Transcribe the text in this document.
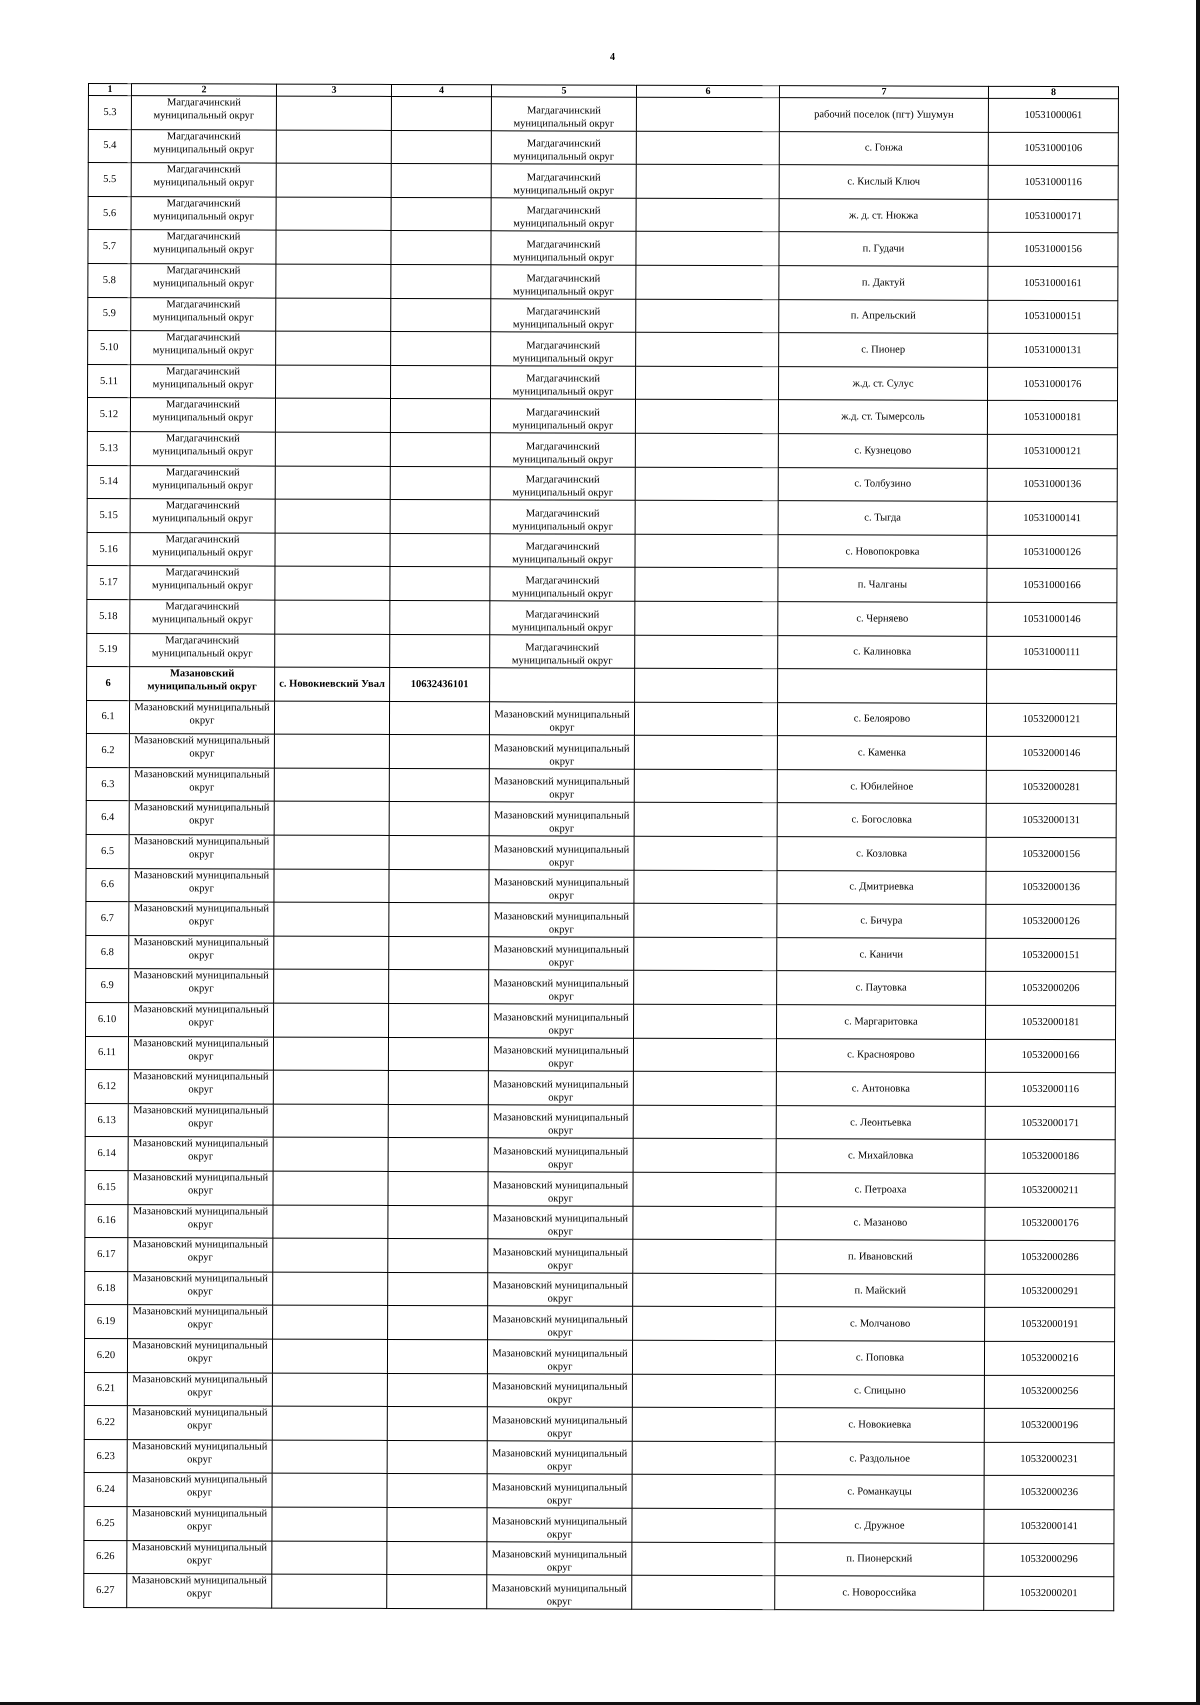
4
1	2	3	4	5	6	7	8
5.3	Магдагачинский муниципальный округ			Магдагачинский муниципальный округ		рабочий поселок (пгт) Ушумун	10531000061
5.4	Магдагачинский муниципальный округ			Магдагачинский муниципальный округ		с. Гонжа	10531000106
5.5	Магдагачинский муниципальный округ			Магдагачинский муниципальный округ		с. Кислый Ключ	10531000116
5.6	Магдагачинский муниципальный округ			Магдагачинский муниципальный округ		ж. д. ст. Нюкжа	10531000171
5.7	Магдагачинский муниципальный округ			Магдагачинский муниципальный округ		п. Гудачи	10531000156
5.8	Магдагачинский муниципальный округ			Магдагачинский муниципальный округ		п. Дактуй	10531000161
5.9	Магдагачинский муниципальный округ			Магдагачинский муниципальный округ		п. Апрельский	10531000151
5.10	Магдагачинский муниципальный округ			Магдагачинский муниципальный округ		с. Пионер	10531000131
5.11	Магдагачинский муниципальный округ			Магдагачинский муниципальный округ		ж.д. ст. Сулус	10531000176
5.12	Магдагачинский муниципальный округ			Магдагачинский муниципальный округ		ж.д. ст. Тымерсоль	10531000181
5.13	Магдагачинский муниципальный округ			Магдагачинский муниципальный округ		с. Кузнецово	10531000121
5.14	Магдагачинский муниципальный округ			Магдагачинский муниципальный округ		с. Толбузино	10531000136
5.15	Магдагачинский муниципальный округ			Магдагачинский муниципальный округ		с. Тыгда	10531000141
5.16	Магдагачинский муниципальный округ			Магдагачинский муниципальный округ		с. Новопокровка	10531000126
5.17	Магдагачинский муниципальный округ			Магдагачинский муниципальный округ		п. Чалганы	10531000166
5.18	Магдагачинский муниципальный округ			Магдагачинский муниципальный округ		с. Черняево	10531000146
5.19	Магдагачинский муниципальный округ			Магдагачинский муниципальный округ		с. Калиновка	10531000111
6	Мазановский муниципальный округ	с. Новокиевский Увал	10632436101				
6.1	Мазановский муниципальный округ			Мазановский муниципальный округ		с. Белоярово	10532000121
6.2	Мазановский муниципальный округ			Мазановский муниципальный округ		с. Каменка	10532000146
6.3	Мазановский муниципальный округ			Мазановский муниципальный округ		с. Юбилейное	10532000281
6.4	Мазановский муниципальный округ			Мазановский муниципальный округ		с. Богословка	10532000131
6.5	Мазановский муниципальный округ			Мазановский муниципальный округ		с. Козловка	10532000156
6.6	Мазановский муниципальный округ			Мазановский муниципальный округ		с. Дмитриевка	10532000136
6.7	Мазановский муниципальный округ			Мазановский муниципальный округ		с. Бичура	10532000126
6.8	Мазановский муниципальный округ			Мазановский муниципальный округ		с. Каничи	10532000151
6.9	Мазановский муниципальный округ			Мазановский муниципальный округ		с. Паутовка	10532000206
6.10	Мазановский муниципальный округ			Мазановский муниципальный округ		с. Маргаритовка	10532000181
6.11	Мазановский муниципальный округ			Мазановский муниципальный округ		с. Красноярово	10532000166
6.12	Мазановский муниципальный округ			Мазановский муниципальный округ		с. Антоновка	10532000116
6.13	Мазановский муниципальный округ			Мазановский муниципальный округ		с. Леонтьевка	10532000171
6.14	Мазановский муниципальный округ			Мазановский муниципальный округ		с. Михайловка	10532000186
6.15	Мазановский муниципальный округ			Мазановский муниципальный округ		с. Петроаха	10532000211
6.16	Мазановский муниципальный округ			Мазановский муниципальный округ		с. Мазаново	10532000176
6.17	Мазановский муниципальный округ			Мазановский муниципальный округ		п. Ивановский	10532000286
6.18	Мазановский муниципальный округ			Мазановский муниципальный округ		п. Майский	10532000291
6.19	Мазановский муниципальный округ			Мазановский муниципальный округ		с. Молчаново	10532000191
6.20	Мазановский муниципальный округ			Мазановский муниципальный округ		с. Поповка	10532000216
6.21	Мазановский муниципальный округ			Мазановский муниципальный округ		с. Спицыно	10532000256
6.22	Мазановский муниципальный округ			Мазановский муниципальный округ		с. Новокиевка	10532000196
6.23	Мазановский муниципальный округ			Мазановский муниципальный округ		с. Раздольное	10532000231
6.24	Мазановский муниципальный округ			Мазановский муниципальный округ		с. Романкауцы	10532000236
6.25	Мазановский муниципальный округ			Мазановский муниципальный округ		с. Дружное	10532000141
6.26	Мазановский муниципальный округ			Мазановский муниципальный округ		п. Пионерский	10532000296
6.27	Мазановский муниципальный округ			Мазановский муниципальный округ		с. Новороссийка	10532000201
